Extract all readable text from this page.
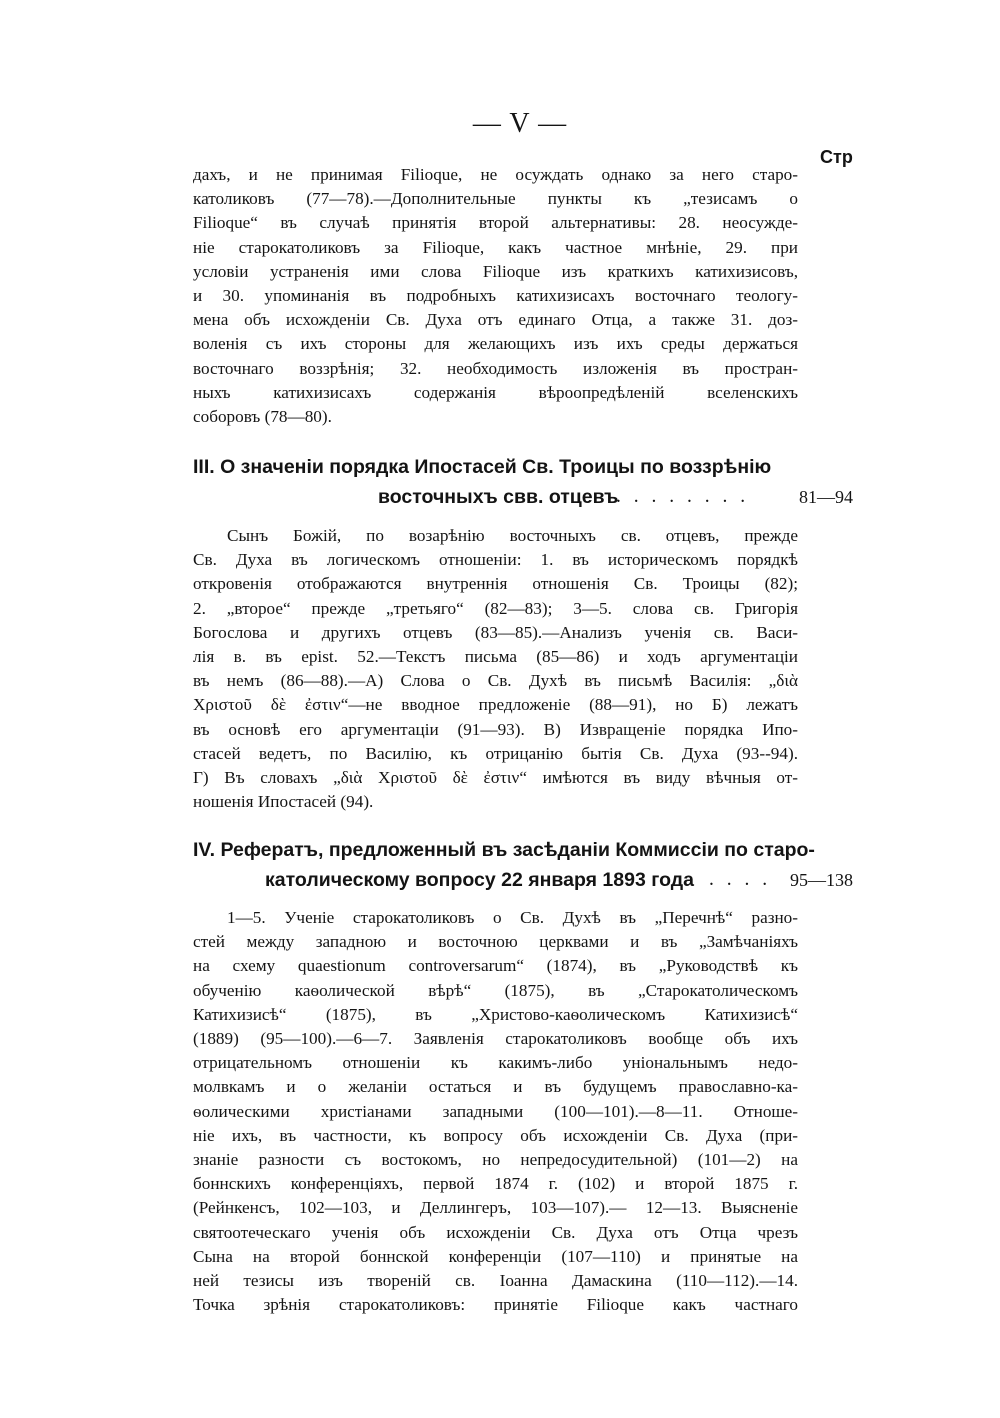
— V —
Стр
дахъ, и не принимая Filioque, не осуждать однако за него старо-
католиковъ (77—78).—Дополнительные пункты къ „тезисамъ о
Filioque“ въ случаѣ принятія второй альтернативы: 28. неосужде-
ніе старокатоликовъ за Filioque, какъ частное мнѣніе, 29. при
условіи устраненія ими слова Filioque изъ краткихъ катихизисовъ,
и 30. упоминанія въ подробныхъ катихизисахъ восточнаго теологу-
мена объ исхожденіи Св. Духа отъ единаго Отца, а также 31. доз-
воленія съ ихъ стороны для желающихъ изъ ихъ среды держаться
восточнаго воззрѣнія; 32. необходимость изложенія въ простран-
ныхъ катихизисахъ содержанія вѣроопредѣленій вселенскихъ
соборовъ (78—80).
III. О значеніи порядка Ипостасей Св. Троицы по воззрѣнію
восточныхъ свв. отцевъ
. . . . . . . .	81—94
Сынъ Божій, по возарѣнію восточныхъ св. отцевъ, прежде
Св. Духа въ логическомъ отношеніи: 1. въ историческомъ порядкѣ
откровенія отображаются внутреннія отношенія Св. Троицы (82);
2. „второе“ прежде „третьяго“ (82—83); 3—5. слова св. Григорія
Богослова и другихъ отцевъ (83—85).—Анализъ ученія св. Васи-
лія в. въ epist. 52.—Текстъ письма (85—86) и ходъ аргументаціи
въ немъ (86—88).—А) Слова о Св. Духѣ въ письмѣ Василія: „διὰ
Χριστοῦ δὲ ἐστιν“—не вводное предложеніе (88—91), но Б) лежатъ
въ основѣ его аргументаціи (91—93). В) Извращеніе порядка Ипо-
стасей ведетъ, по Василію, къ отрицанію бытія Св. Духа (93--94).
Г) Въ словахъ „διὰ Χριστοῦ δὲ ἐστιν“ имѣются въ виду вѣчныя от-
ношенія Ипостасей (94).
IV. Рефератъ, предложенный въ засѣданіи Коммиссіи по старо-
католическому вопросу 22 января 1893 года . . . . 95—138
1—5. Ученіе старокатоликовъ о Св. Духѣ въ „Перечнѣ“ разно-
стей между западною и восточною церквами и въ „Замѣчаніяхъ
на схему quaestionum controversarum“ (1874), въ „Руководствѣ къ
обученію каѳолической вѣрѣ“ (1875), въ „Старокатолическомъ
Катихизисѣ“ (1875), въ „Христово-каѳолическомъ Катихизисѣ“
(1889) (95—100).—6—7. Заявленія старокатоликовъ вообще объ ихъ
отрицательномъ отношеніи къ какимъ-либо уніональнымъ недо-
молвкамъ и о желаніи остаться и въ будущемъ православно-ка-
ѳолическими христіанами западными (100—101).—8—11. Отноше-
ніе ихъ, въ частности, къ вопросу объ исхожденіи Св. Духа (при-
знаніе разности съ востокомъ, но непредосудительной) (101—2) на
боннскихъ конференціяхъ, первой 1874 г. (102) и второй 1875 г.
(Рейнкенсъ, 102—103, и Деллингеръ, 103—107).— 12—13. Выясненіе
святоотеческаго ученія объ исхожденіи Св. Духа отъ Отца чрезъ
Сына на второй боннской конференціи (107—110) и принятые на
ней тезисы изъ твореній св. Іоанна Дамаскина (110—112).—14.
Точка зрѣнія старокатоликовъ: принятіе Filioque какъ частнаго
